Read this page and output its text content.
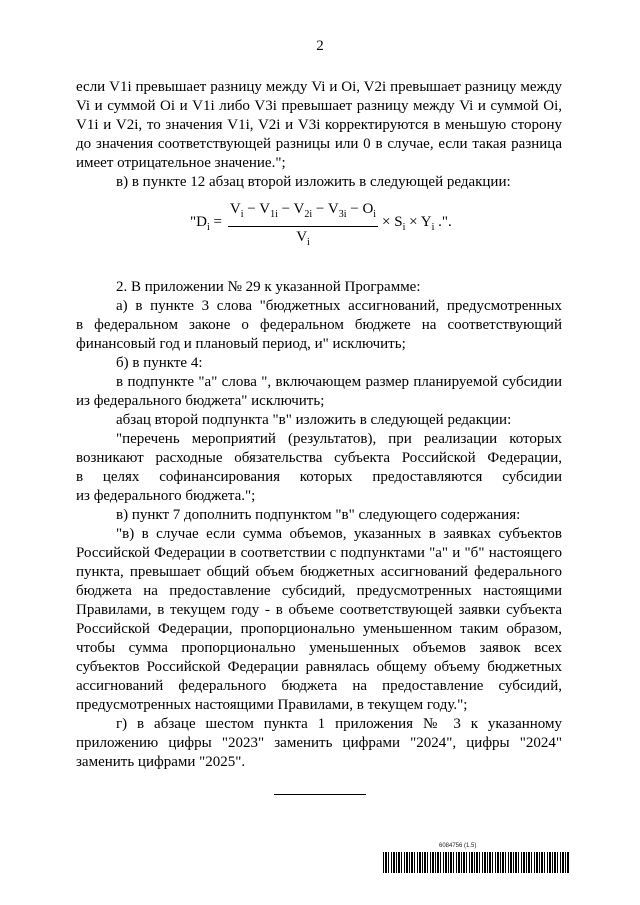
2

если V1i превышает разницу между Vi и Oi, V2i превышает разницу между

Vi и суммой Oi и V1i либо V3i превышает разницу между Vi и суммой Oi,

V1i и V2i, то значения V1i, V2i и V3i корректируются в меньшую сторону

до значения соответствующей разницы или 0 в случае, если такая разница

имеет отрицательное значение.";

в) в пункте 12 абзац второй изложить в следующей редакции:

"$D_i$ =
$V_i - V_{1i} - V_{2i} - V_{3i} - O_i$
$V_i$
× $S_i \times Y_i$ .".

2. В приложении № 29 к указанной Программе:

а) в пункте 3 слова "бюджетных ассигнований, предусмотренных

в федеральном законе о федеральном бюджете на соответствующий

финансовый год и плановый период, и" исключить;

б) в пункте 4:

в подпункте "а" слова ", включающем размер планируемой субсидии

из федерального бюджета" исключить;

абзац второй подпункта "в" изложить в следующей редакции:

"перечень мероприятий (результатов), при реализации которых

возникают расходные обязательства субъекта Российской Федерации,

в целях софинансирования которых предоставляются субсидии

из федерального бюджета.";

в) пункт 7 дополнить подпунктом "в" следующего содержания:

"в) в случае если сумма объемов, указанных в заявках субъектов

Российской Федерации в соответствии с подпунктами "а" и "б" настоящего

пункта, превышает общий объем бюджетных ассигнований федерального

бюджета на предоставление субсидий, предусмотренных настоящими

Правилами, в текущем году - в объеме соответствующей заявки субъекта

Российской Федерации, пропорционально уменьшенном таким образом,

чтобы сумма пропорционально уменьшенных объемов заявок всех

субъектов Российской Федерации равнялась общему объему бюджетных

ассигнований федерального бюджета на предоставление субсидий,

предусмотренных настоящими Правилами, в текущем году.";

г) в абзаце шестом пункта 1 приложения № 3 к указанному

приложению цифры "2023" заменить цифрами "2024", цифры "2024"

заменить цифрами "2025".

6084756 (1.5)
